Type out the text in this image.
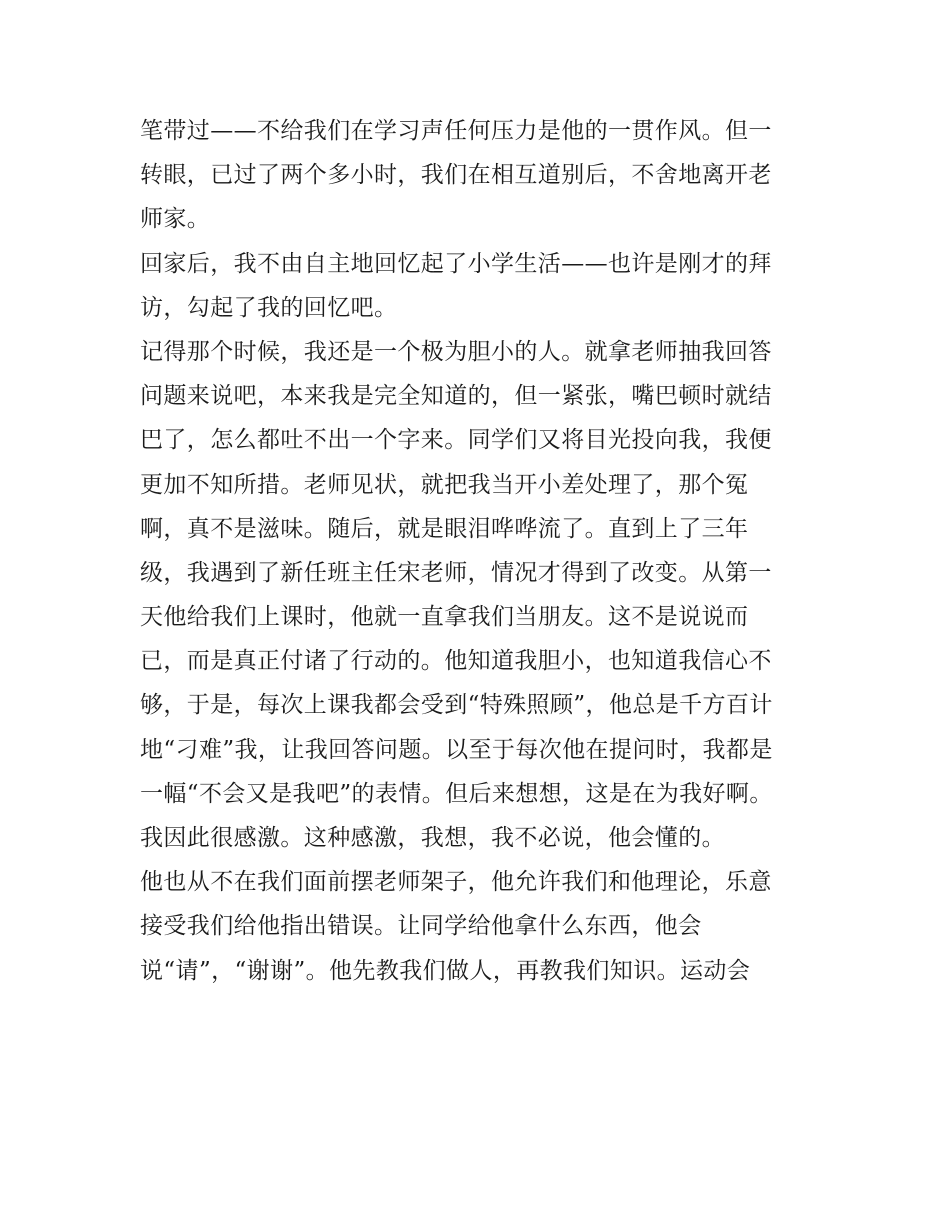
笔带过——不给我们在学习声任何压力是他的一贯作风。但一
转眼，已过了两个多小时，我们在相互道别后，不舍地离开老
师家。
回家后，我不由自主地回忆起了小学生活——也许是刚才的拜
访，勾起了我的回忆吧。
记得那个时候，我还是一个极为胆小的人。就拿老师抽我回答
问题来说吧，本来我是完全知道的，但一紧张，嘴巴顿时就结
巴了，怎么都吐不出一个字来。同学们又将目光投向我，我便
更加不知所措。老师见状，就把我当开小差处理了，那个冤
啊，真不是滋味。随后，就是眼泪哗哗流了。直到上了三年
级，我遇到了新任班主任宋老师，情况才得到了改变。从第一
天他给我们上课时，他就一直拿我们当朋友。这不是说说而
已，而是真正付诸了行动的。他知道我胆小，也知道我信心不
够，于是，每次上课我都会受到“特殊照顾”，他总是千方百计
地“刁难”我，让我回答问题。以至于每次他在提问时，我都是
一幅“不会又是我吧”的表情。但后来想想，这是在为我好啊。
我因此很感激。这种感激，我想，我不必说，他会懂的。
他也从不在我们面前摆老师架子，他允许我们和他理论，乐意
接受我们给他指出错误。让同学给他拿什么东西，他会
说“请”，“谢谢”。他先教我们做人，再教我们知识。运动会
